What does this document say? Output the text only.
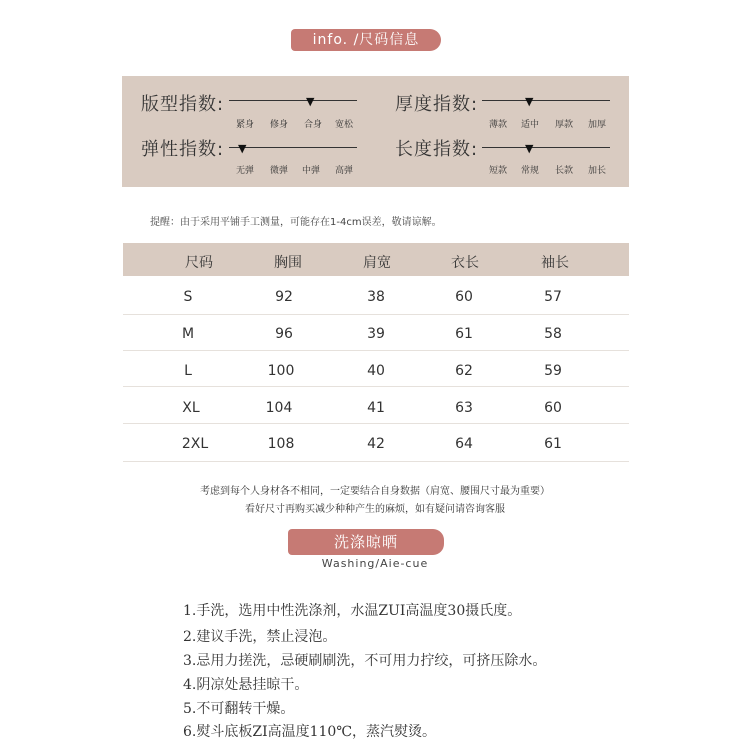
info. /尺码信息
版型指数:	▼
紧身 修身 合身 宽松
厚度指数:	▼
薄款 适中 厚款 加厚
弹性指数: ▼
无弹 微弹 中弹 高弹
长度指数:	▼
短款 常规 长款 加长
提醒：由于采用平铺手工测量，可能存在1-4cm误差，敬请谅解。
尺码	胸围	肩宽	衣长	袖长
S	92	38	60	57
M	96	39	61	58
L	100	40	62	59
XL	104	41	63	60
2XL	108	42	64	61
考虑到每个人身材各不相同，一定要结合自身数据（肩宽、腰围尺寸最为重要）
看好尺寸再购买减少种种产生的麻烦，如有疑问请咨询客服
洗涤晾晒
Washing/Aie-cue
1.手洗，选用中性洗涤剂，水温ZUI高温度30摄氏度。
2.建议手洗，禁止浸泡。
3.忌用力搓洗，忌硬刷刷洗，不可用力拧绞，可挤压除水。
4.阴凉处悬挂晾干。
5.不可翻转干燥。
6.熨斗底板ZI高温度110℃，蒸汽熨烫。
